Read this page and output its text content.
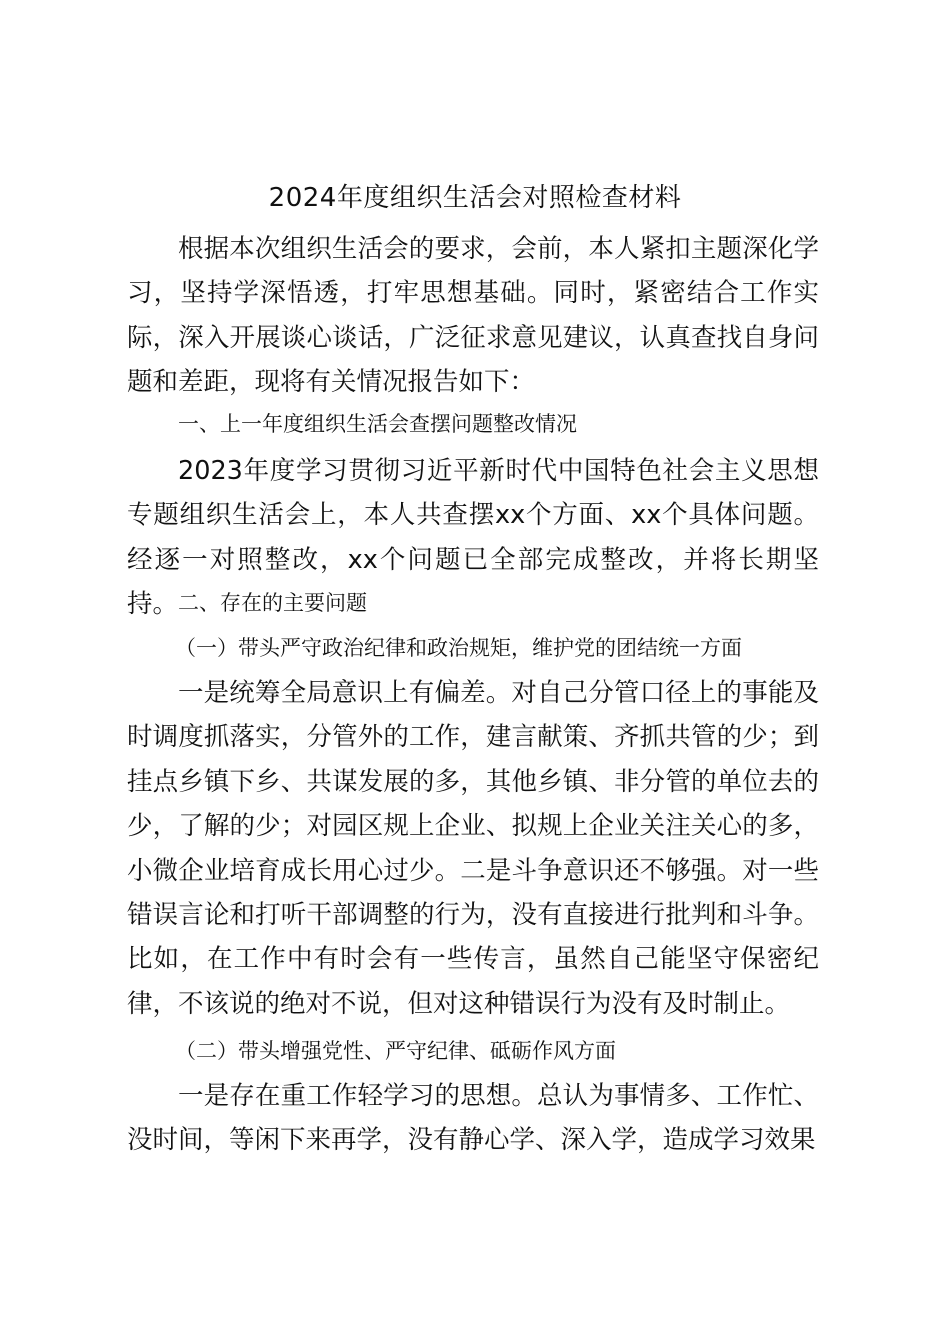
2024年度组织生活会对照检查材料

根据本次组织生活会的要求，会前，本人紧扣主题深化学习，坚持学深悟透，打牢思想基础。同时，紧密结合工作实际，深入开展谈心谈话，广泛征求意见建议，认真查找自身问题和差距，现将有关情况报告如下：

一、上一年度组织生活会查摆问题整改情况

2023年度学习贯彻习近平新时代中国特色社会主义思想专题组织生活会上，本人共查摆xx个方面、xx个具体问题。经逐一对照整改，xx个问题已全部完成整改，并将长期坚持。 二、存在的主要问题

（一）带头严守政治纪律和政治规矩，维护党的团结统一方面

一是统筹全局意识上有偏差。对自己分管口径上的事能及时调度抓落实，分管外的工作，建言献策、齐抓共管的少；到挂点乡镇下乡、共谋发展的多，其他乡镇、非分管的单位去的少，了解的少；对园区规上企业、拟规上企业关注关心的多，小微企业培育成长用心过少。二是斗争意识还不够强。对一些错误言论和打听干部调整的行为，没有直接进行批判和斗争。比如，在工作中有时会有一些传言，虽然自己能坚守保密纪律，不该说的绝对不说，但对这种错误行为没有及时制止。

（二）带头增强党性、严守纪律、砥砺作风方面

一是存在重工作轻学习的思想。总认为事情多、工作忙、没时间，等闲下来再学，没有静心学、深入学，造成学习效果
